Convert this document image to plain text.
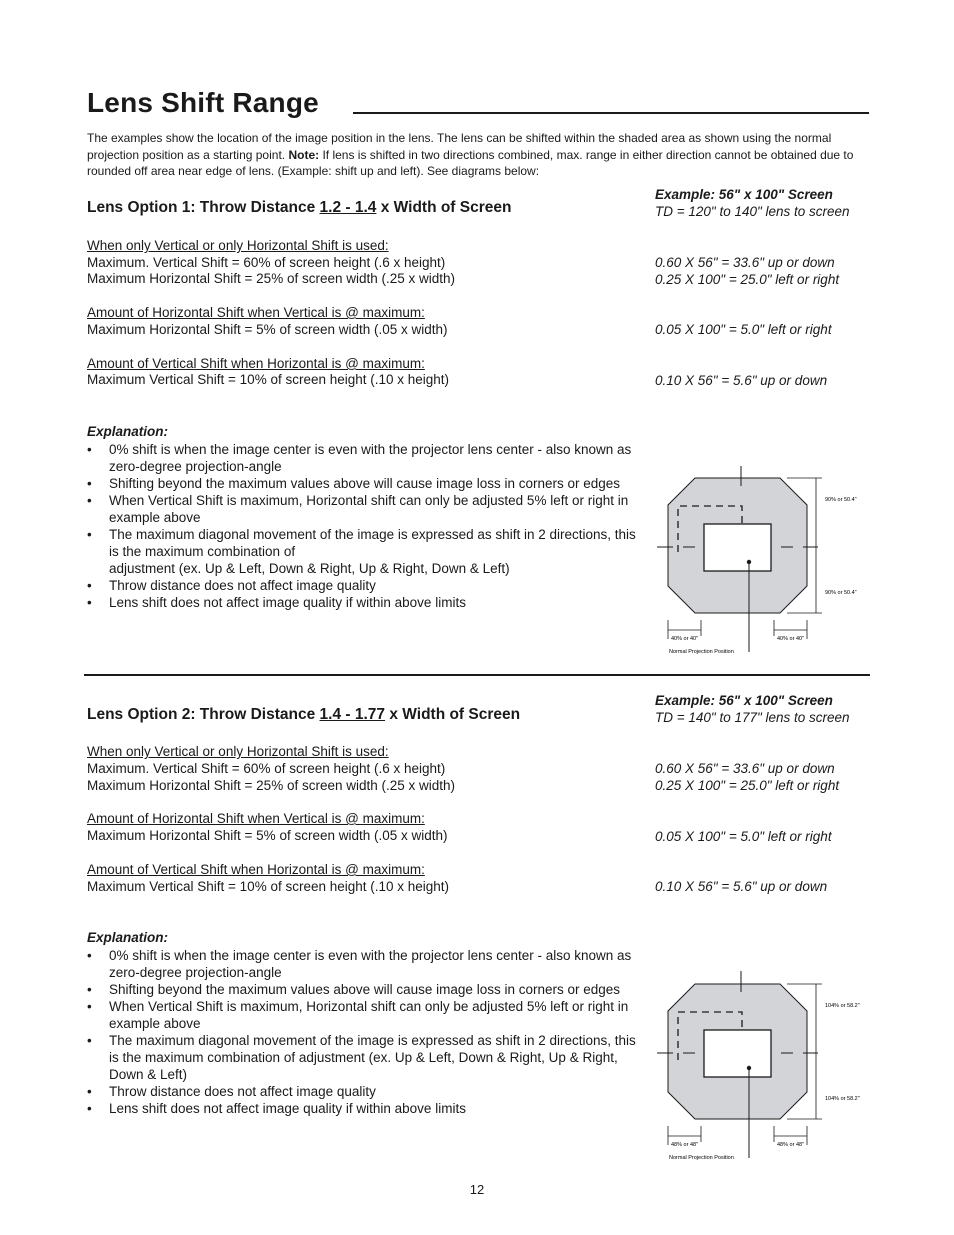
Lens Shift Range
The examples show the location of the image position in the lens. The lens can be shifted within the shaded area as shown using the normal projection position as a starting point. Note: If lens is shifted in two directions combined, max. range in either direction cannot be obtained due to rounded off area near edge of lens. (Example: shift up and left). See diagrams below:
Lens Option 1: Throw Distance 1.2 - 1.4 x Width of Screen
Example: 56" x 100" Screen
TD = 120" to 140" lens to screen
When only Vertical or only Horizontal Shift is used:
Maximum. Vertical Shift = 60% of screen height (.6 x height)
Maximum Horizontal Shift = 25% of screen width (.25 x width)
0.60 X 56" = 33.6" up or down
0.25 X 100" = 25.0" left or right
Amount of Horizontal Shift when Vertical is @ maximum:
Maximum Horizontal Shift = 5% of screen width (.05 x width)	0.05 X 100" = 5.0" left or right
Amount of Vertical Shift when Horizontal is @ maximum:
Maximum Vertical Shift = 10% of screen height (.10 x height)	0.10 X 56" = 5.6" up or down
Explanation:
• 0% shift is when the image center is even with the projector lens center - also known as zero-degree projection-angle
• Shifting beyond the maximum values above will cause image loss in corners or edges
• When Vertical Shift is maximum, Horizontal shift can only be adjusted 5% left or right in example above
• The maximum diagonal movement of the image is expressed as shift in 2 directions, this is the maximum combination of
adjustment (ex. Up & Left, Down & Right, Up & Right, Down & Left)
• Throw distance does not affect image quality
• Lens shift does not affect image quality if within above limits
90% or 50.4"
90% or 50.4"
40% or 40"	40% or 40"
Normal Projection Position
Lens Option 2: Throw Distance 1.4 - 1.77 x Width of Screen
Example: 56" x 100" Screen
TD = 140" to 177" lens to screen
When only Vertical or only Horizontal Shift is used:
Maximum. Vertical Shift = 60% of screen height (.6 x height)
Maximum Horizontal Shift = 25% of screen width (.25 x width)
0.60 X 56" = 33.6" up or down
0.25 X 100" = 25.0" left or right
Amount of Horizontal Shift when Vertical is @ maximum:
Maximum Horizontal Shift = 5% of screen width (.05 x width)	0.05 X 100" = 5.0" left or right
Amount of Vertical Shift when Horizontal is @ maximum:
Maximum Vertical Shift = 10% of screen height (.10 x height)	0.10 X 56" = 5.6" up or down
Explanation:
• 0% shift is when the image center is even with the projector lens center - also known as zero-degree projection-angle
• Shifting beyond the maximum values above will cause image loss in corners or edges
• When Vertical Shift is maximum, Horizontal shift can only be adjusted 5% left or right in example above
• The maximum diagonal movement of the image is expressed as shift in 2 directions, this is the maximum combination of adjustment (ex. Up & Left, Down & Right, Up & Right, Down & Left)
• Throw distance does not affect image quality
• Lens shift does not affect image quality if within above limits
104% or 58.2"
104% or 58.2"
48% or 48"	48% or 48"
Normal Projection Position
12
